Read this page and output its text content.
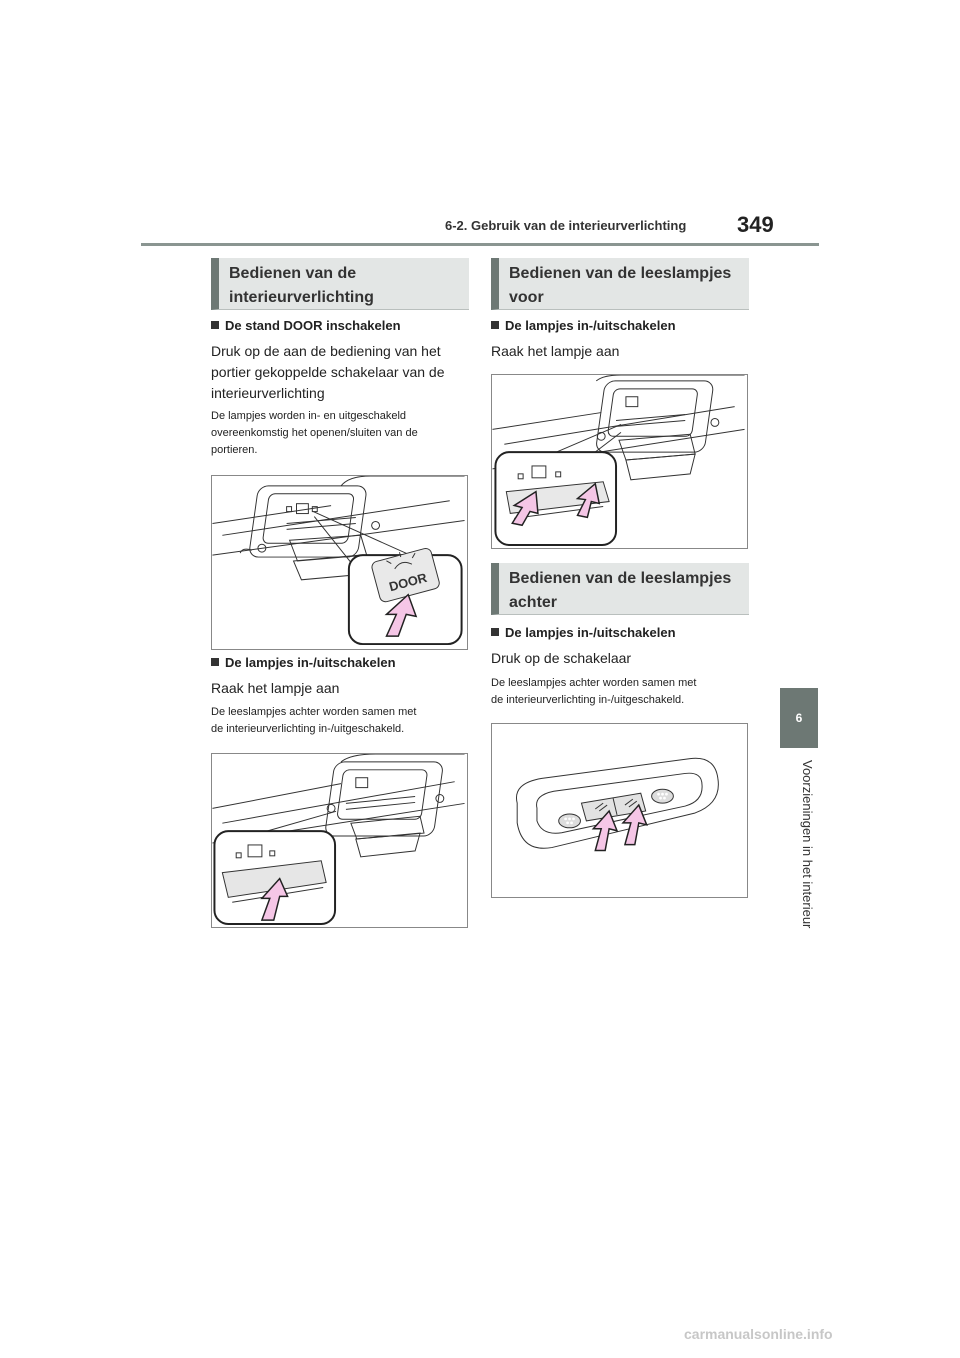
6-2. Gebruik van de interieurverlichting 349
6
Voorzieningen in het interieur
Bedienen van de
interieurverlichting
De stand DOOR inschakelen
Druk op de aan de bediening van het
portier gekoppelde schakelaar van de
interieurverlichting
De lampjes worden in- en uitgeschakeld
overeenkomstig het openen/sluiten van de
portieren.
DOOR
De lampjes in-/uitschakelen
Raak het lampje aan
De leeslampjes achter worden samen met
de interieurverlichting in-/uitgeschakeld.
Bedienen van de leeslampjes
voor
De lampjes in-/uitschakelen
Raak het lampje aan
Bedienen van de leeslampjes
achter
De lampjes in-/uitschakelen
Druk op de schakelaar
De leeslampjes achter worden samen met
de interieurverlichting in-/uitgeschakeld.
carmanualsonline.info
